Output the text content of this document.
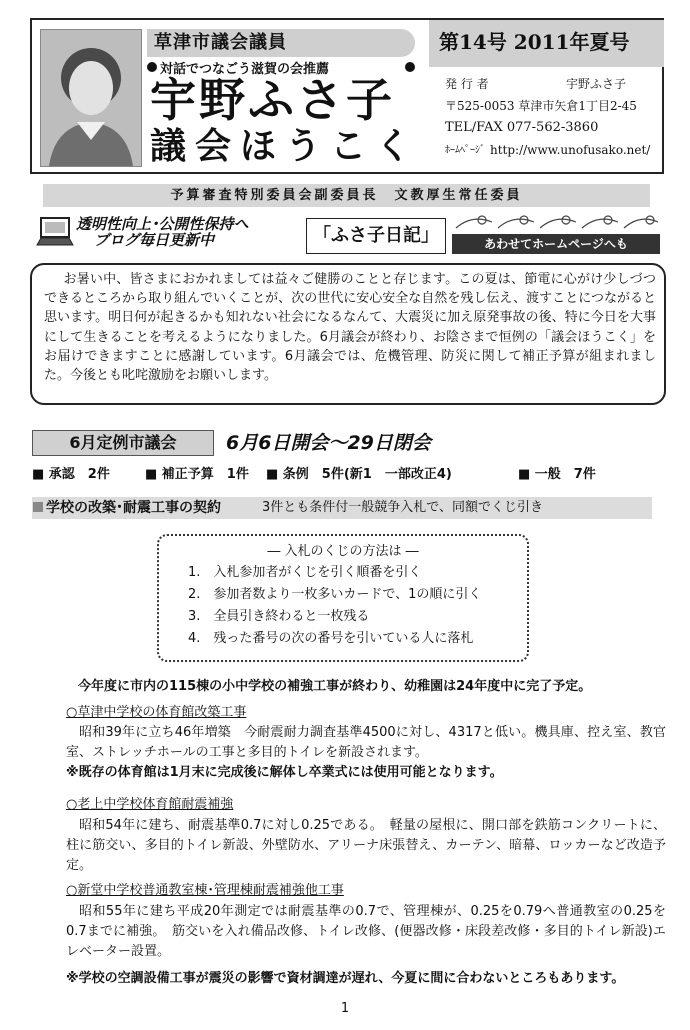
草津市議会議員
対話でつなごう滋賀の会推薦
宇野ふさ子
議会ほうこく
第14号 2011年夏号
発 行 者	宇野ふさ子
〒525-0053 草津市矢倉1丁目2-45
TEL/FAX 077-562-3860
ﾎｰﾑﾍﾟｰｼﾞ http://www.unofusako.net/
予算審査特別委員会副委員長　文教厚生常任委員
透明性向上･公開性保持へ
ブログ毎日更新中	「ふさ子日記」	あわせてホームページへも
お暑い中、皆さまにおかれましては益々ご健勝のことと存じます。この夏は、節電に心がけ少しづつできるところから取り組んでいくことが、次の世代に安心安全な自然を残し伝え、渡すことにつながると思います。明日何が起きるかも知れない社会になるなんて、大震災に加え原発事故の後、特に今日を大事にして生きることを考えるようになりました。6月議会が終わり、お陰さまで恒例の「議会ほうこく」をお届けできますことに感謝しています。6月議会では、危機管理、防災に関して補正予算が組まれました。今後とも叱咤激励をお願いします。
6月定例市議会	6月6日開会～29日閉会
■ 承認　2件	■ 補正予算　1件 ■ 条例　5件(新1　一部改正4)	■ 一般　7件
学校の改築･耐震工事の契約	3件とも条件付一般競争入札で、同額でくじ引き
― 入札のくじの方法は ―
1.　入札参加者がくじを引く順番を引く
2.　参加者数より一枚多いカードで、1の順に引く
3.　全員引き終わると一枚残る
4.　残った番号の次の番号を引いている人に落札
今年度に市内の115棟の小中学校の補強工事が終わり、幼稚園は24年度中に完了予定。
○草津中学校の体育館改築工事
昭和39年に立ち46年増築　今耐震耐力調査基準4500に対し、4317と低い。機具庫、控え室、教官室、ストレッチホールの工事と多目的トイレを新設されます。
※既存の体育館は1月末に完成後に解体し卒業式には使用可能となります。
○老上中学校体育館耐震補強
昭和54年に建ち、耐震基準0.7に対し0.25である。　軽量の屋根に、開口部を鉄筋コンクリートに、柱に筋交い、多目的トイレ新設、外壁防水、アリーナ床張替え、カーテン、暗幕、ロッカーなど改造予定。
○新堂中学校普通教室棟･管理棟耐震補強他工事
昭和55年に建ち平成20年測定では耐震基準の0.7で、管理棟が、0.25を0.79へ普通教室の0.25を0.7までに補強。　筋交いを入れ備品改修、トイレ改修、(便器改修・床段差改修・多目的トイレ新設)エレベーター設置。
※学校の空調設備工事が震災の影響で資材調達が遅れ、今夏に間に合わないところもあります。
1
